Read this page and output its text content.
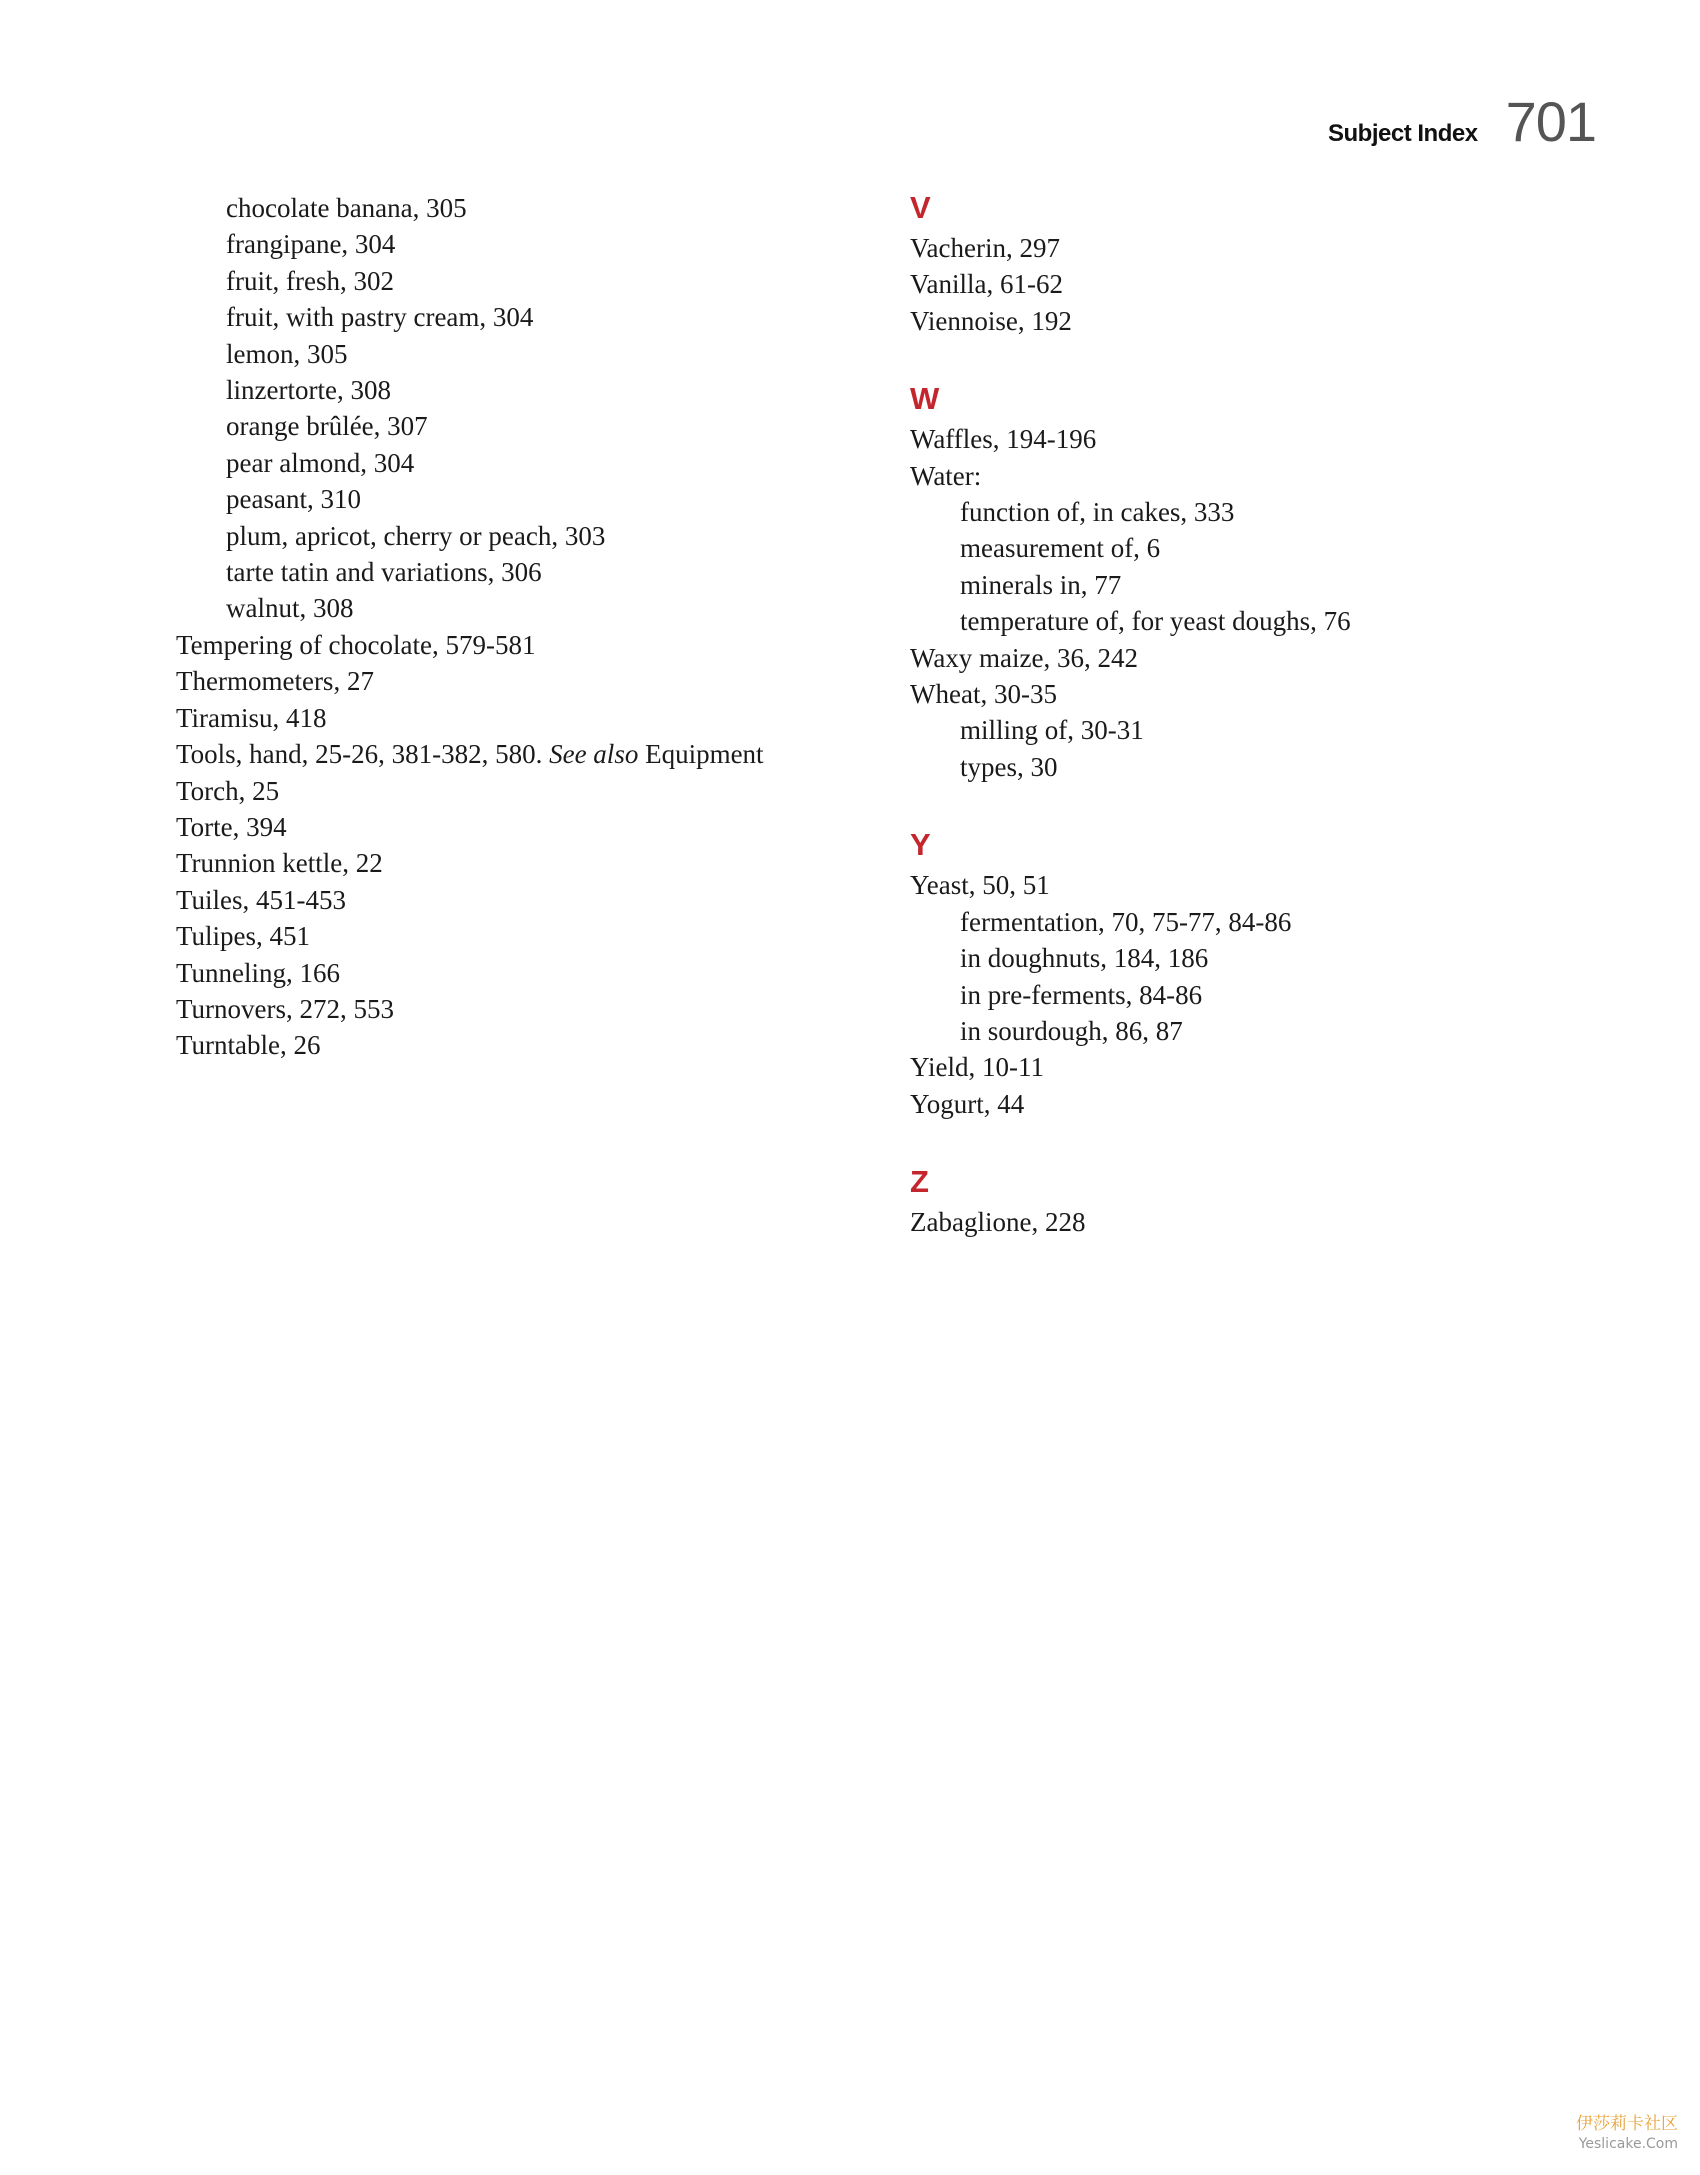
Subject Index 701
chocolate banana, 305
frangipane, 304
fruit, fresh, 302
fruit, with pastry cream, 304
lemon, 305
linzertorte, 308
orange brûlée, 307
pear almond, 304
peasant, 310
plum, apricot, cherry or peach, 303
tarte tatin and variations, 306
walnut, 308
Tempering of chocolate, 579-581
Thermometers, 27
Tiramisu, 418
Tools, hand, 25-26, 381-382, 580. See also Equipment
Torch, 25
Torte, 394
Trunnion kettle, 22
Tuiles, 451-453
Tulipes, 451
Tunneling, 166
Turnovers, 272, 553
Turntable, 26
V
Vacherin, 297
Vanilla, 61-62
Viennoise, 192
W
Waffles, 194-196
Water:
function of, in cakes, 333
measurement of, 6
minerals in, 77
temperature of, for yeast doughs, 76
Waxy maize, 36, 242
Wheat, 30-35
milling of, 30-31
types, 30
Y
Yeast, 50, 51
fermentation, 70, 75-77, 84-86
in doughnuts, 184, 186
in pre-ferments, 84-86
in sourdough, 86, 87
Yield, 10-11
Yogurt, 44
Z
Zabaglione, 228
伊莎莉卡社区
Yeslicake.Com
